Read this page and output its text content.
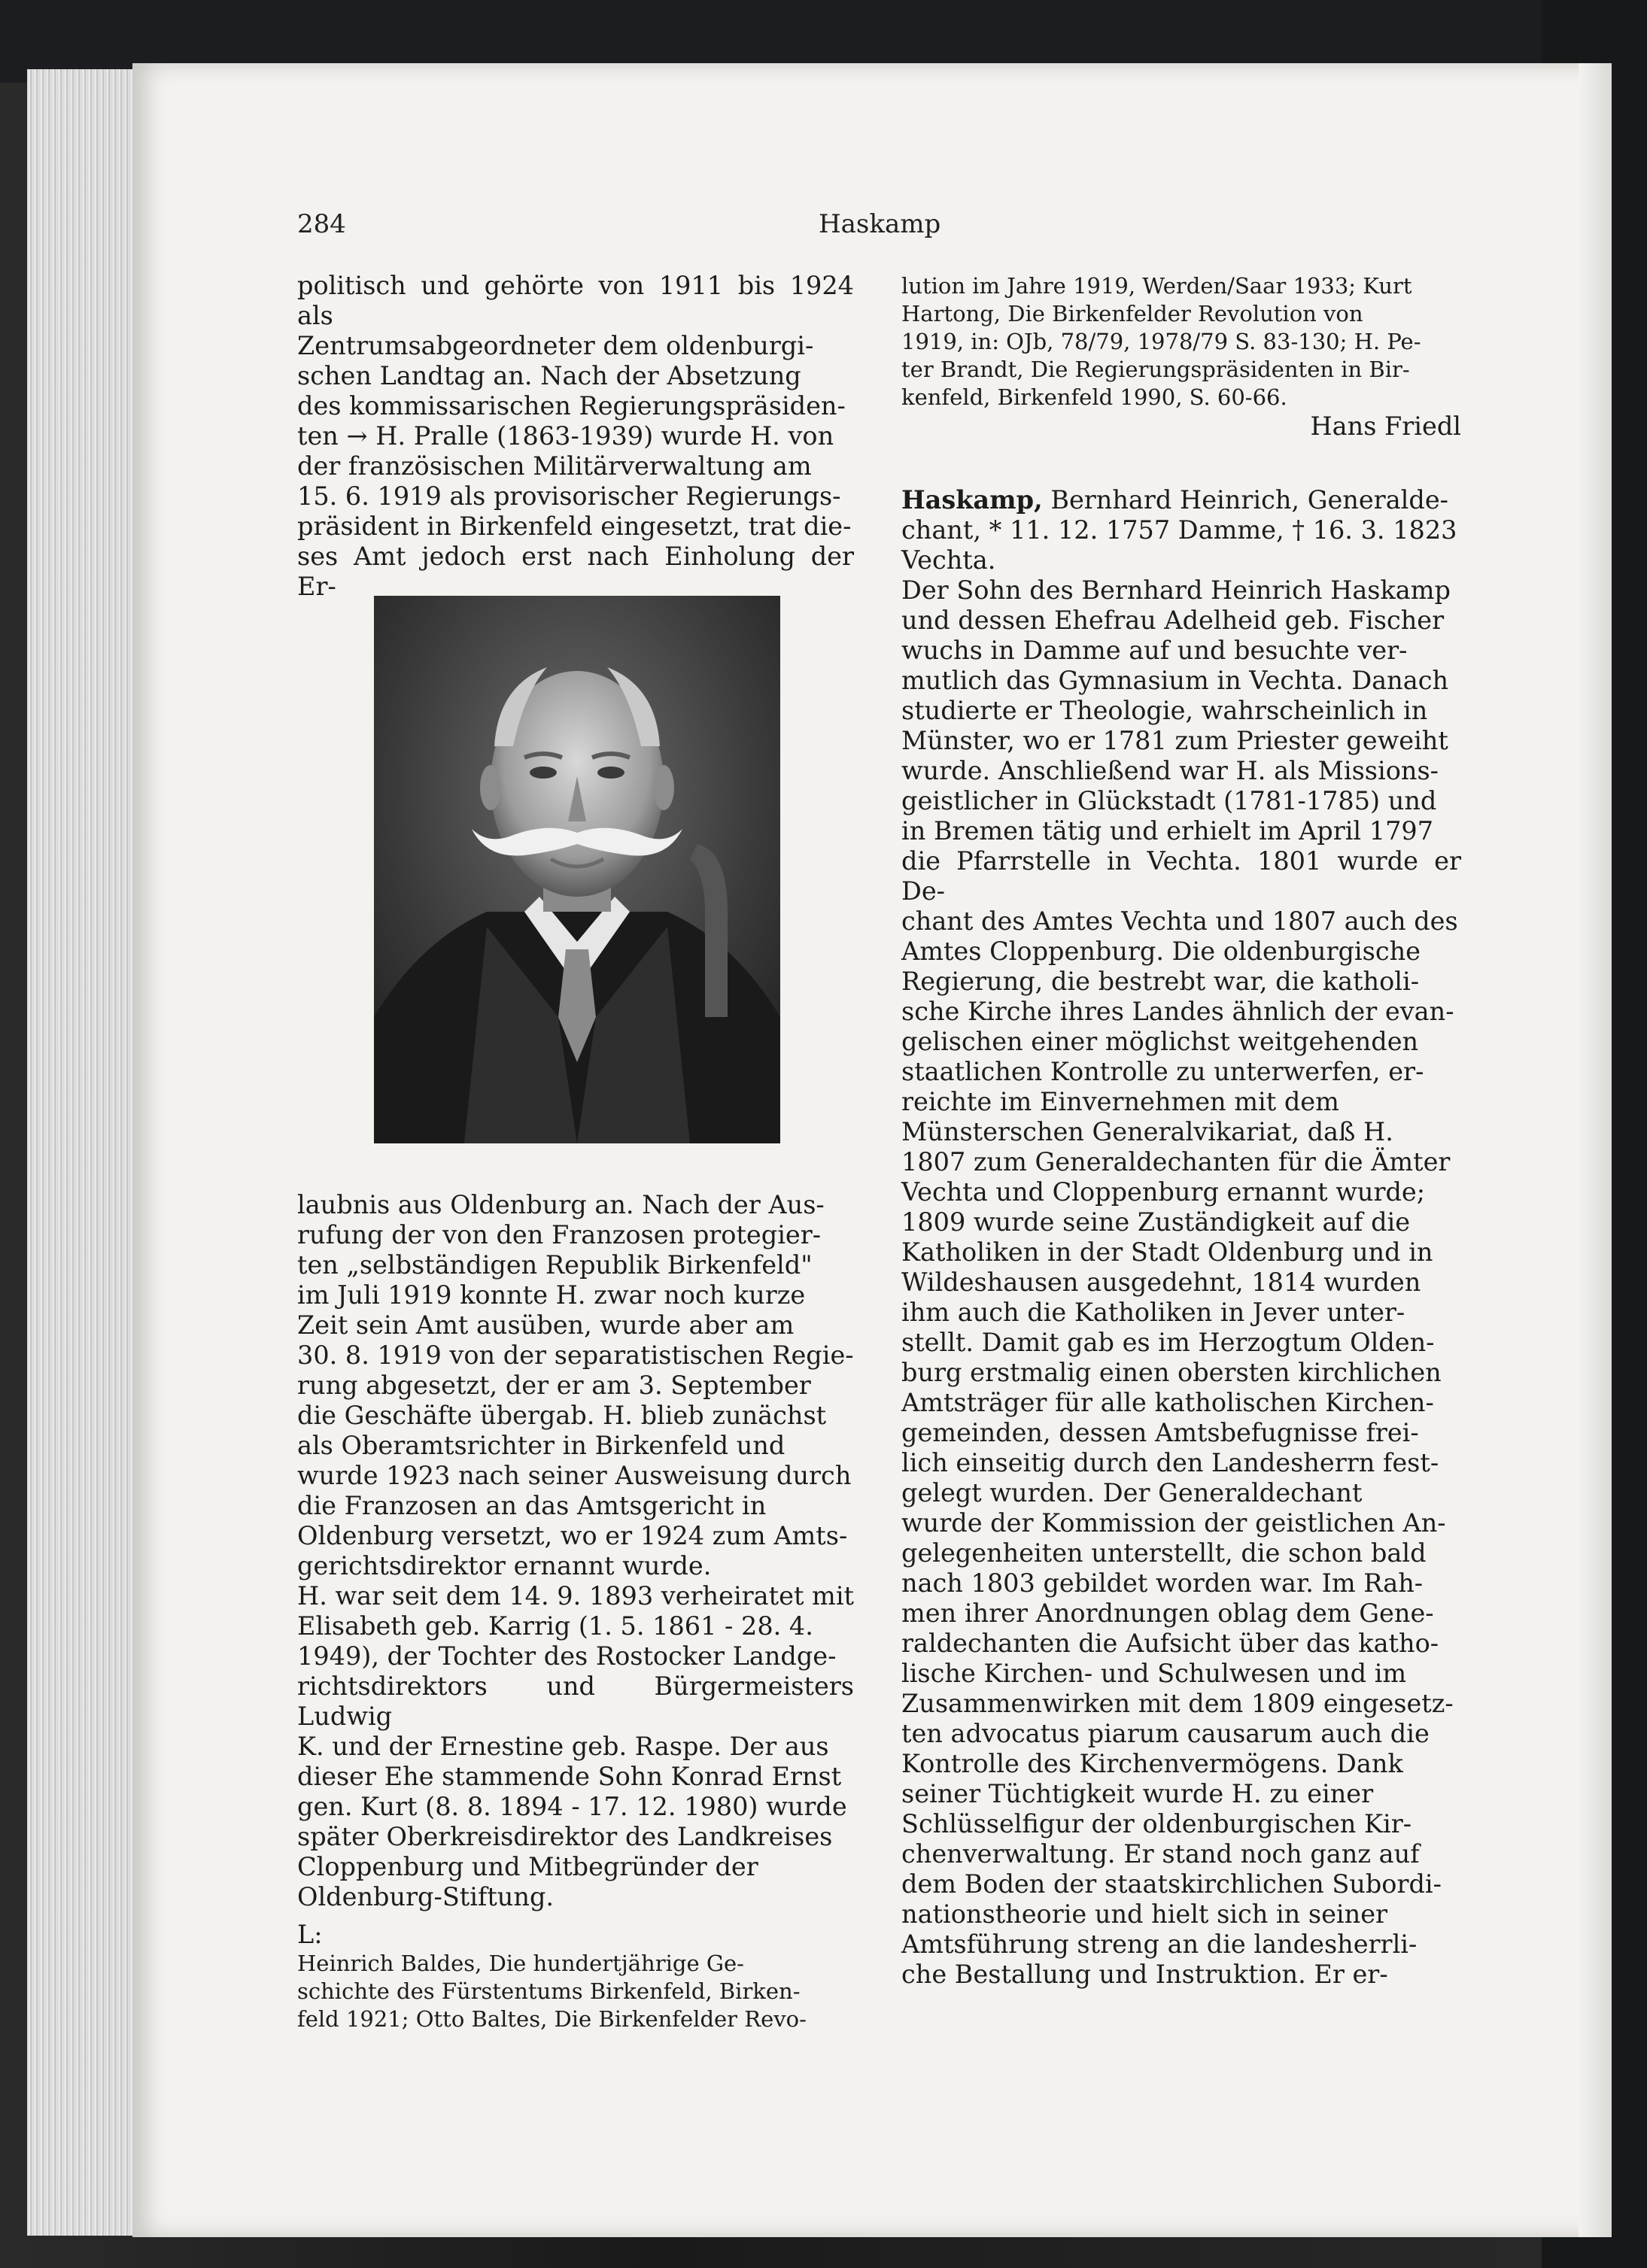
284	Haskamp

politisch und gehörte von 1911 bis 1924 als

Zentrumsabgeordneter dem oldenburgi-

schen Landtag an. Nach der Absetzung

des kommissarischen Regierungspräsiden-

ten → H. Pralle (1863-1939) wurde H. von

der französischen Militärverwaltung am

15. 6. 1919 als provisorischer Regierungs-

präsident in Birkenfeld eingesetzt, trat die-

ses Amt jedoch erst nach Einholung der Er-

laubnis aus Oldenburg an. Nach der Aus-

rufung der von den Franzosen protegier-

ten „selbständigen Republik Birkenfeld"

im Juli 1919 konnte H. zwar noch kurze

Zeit sein Amt ausüben, wurde aber am

30. 8. 1919 von der separatistischen Regie-

rung abgesetzt, der er am 3. September

die Geschäfte übergab. H. blieb zunächst

als Oberamtsrichter in Birkenfeld und

wurde 1923 nach seiner Ausweisung durch

die Franzosen an das Amtsgericht in

Oldenburg versetzt, wo er 1924 zum Amts-

gerichtsdirektor ernannt wurde.

H. war seit dem 14. 9. 1893 verheiratet mit

Elisabeth geb. Karrig (1. 5. 1861 - 28. 4.

1949), der Tochter des Rostocker Landge-

richtsdirektors und Bürgermeisters Ludwig

K. und der Ernestine geb. Raspe. Der aus

dieser Ehe stammende Sohn Konrad Ernst

gen. Kurt (8. 8. 1894 - 17. 12. 1980) wurde

später Oberkreisdirektor des Landkreises

Cloppenburg und Mitbegründer der

Oldenburg-Stiftung.

L:

Heinrich Baldes, Die hundertjährige Ge-

schichte des Fürstentums Birkenfeld, Birken-

feld 1921; Otto Baltes, Die Birkenfelder Revo-

lution im Jahre 1919, Werden/Saar 1933; Kurt

Hartong, Die Birkenfelder Revolution von

1919, in: OJb, 78/79, 1978/79 S. 83-130; H. Pe-

ter Brandt, Die Regierungspräsidenten in Bir-

kenfeld, Birkenfeld 1990, S. 60-66.

Hans Friedl

Haskamp, Bernhard Heinrich, Generalde-

chant, * 11. 12. 1757 Damme, † 16. 3. 1823

Vechta.

Der Sohn des Bernhard Heinrich Haskamp

und dessen Ehefrau Adelheid geb. Fischer

wuchs in Damme auf und besuchte ver-

mutlich das Gymnasium in Vechta. Danach

studierte er Theologie, wahrscheinlich in

Münster, wo er 1781 zum Priester geweiht

wurde. Anschließend war H. als Missions-

geistlicher in Glückstadt (1781-1785) und

in Bremen tätig und erhielt im April 1797

die Pfarrstelle in Vechta. 1801 wurde er De-

chant des Amtes Vechta und 1807 auch des

Amtes Cloppenburg. Die oldenburgische

Regierung, die bestrebt war, die katholi-

sche Kirche ihres Landes ähnlich der evan-

gelischen einer möglichst weitgehenden

staatlichen Kontrolle zu unterwerfen, er-

reichte im Einvernehmen mit dem

Münsterschen Generalvikariat, daß H.

1807 zum Generaldechanten für die Ämter

Vechta und Cloppenburg ernannt wurde;

1809 wurde seine Zuständigkeit auf die

Katholiken in der Stadt Oldenburg und in

Wildeshausen ausgedehnt, 1814 wurden

ihm auch die Katholiken in Jever unter-

stellt. Damit gab es im Herzogtum Olden-

burg erstmalig einen obersten kirchlichen

Amtsträger für alle katholischen Kirchen-

gemeinden, dessen Amtsbefugnisse frei-

lich einseitig durch den Landesherrn fest-

gelegt wurden. Der Generaldechant

wurde der Kommission der geistlichen An-

gelegenheiten unterstellt, die schon bald

nach 1803 gebildet worden war. Im Rah-

men ihrer Anordnungen oblag dem Gene-

raldechanten die Aufsicht über das katho-

lische Kirchen- und Schulwesen und im

Zusammenwirken mit dem 1809 eingesetz-

ten advocatus piarum causarum auch die

Kontrolle des Kirchenvermögens. Dank

seiner Tüchtigkeit wurde H. zu einer

Schlüsselfigur der oldenburgischen Kir-

chenverwaltung. Er stand noch ganz auf

dem Boden der staatskirchlichen Subordi-

nationstheorie und hielt sich in seiner

Amtsführung streng an die landesherrli-

che Bestallung und Instruktion. Er er-
